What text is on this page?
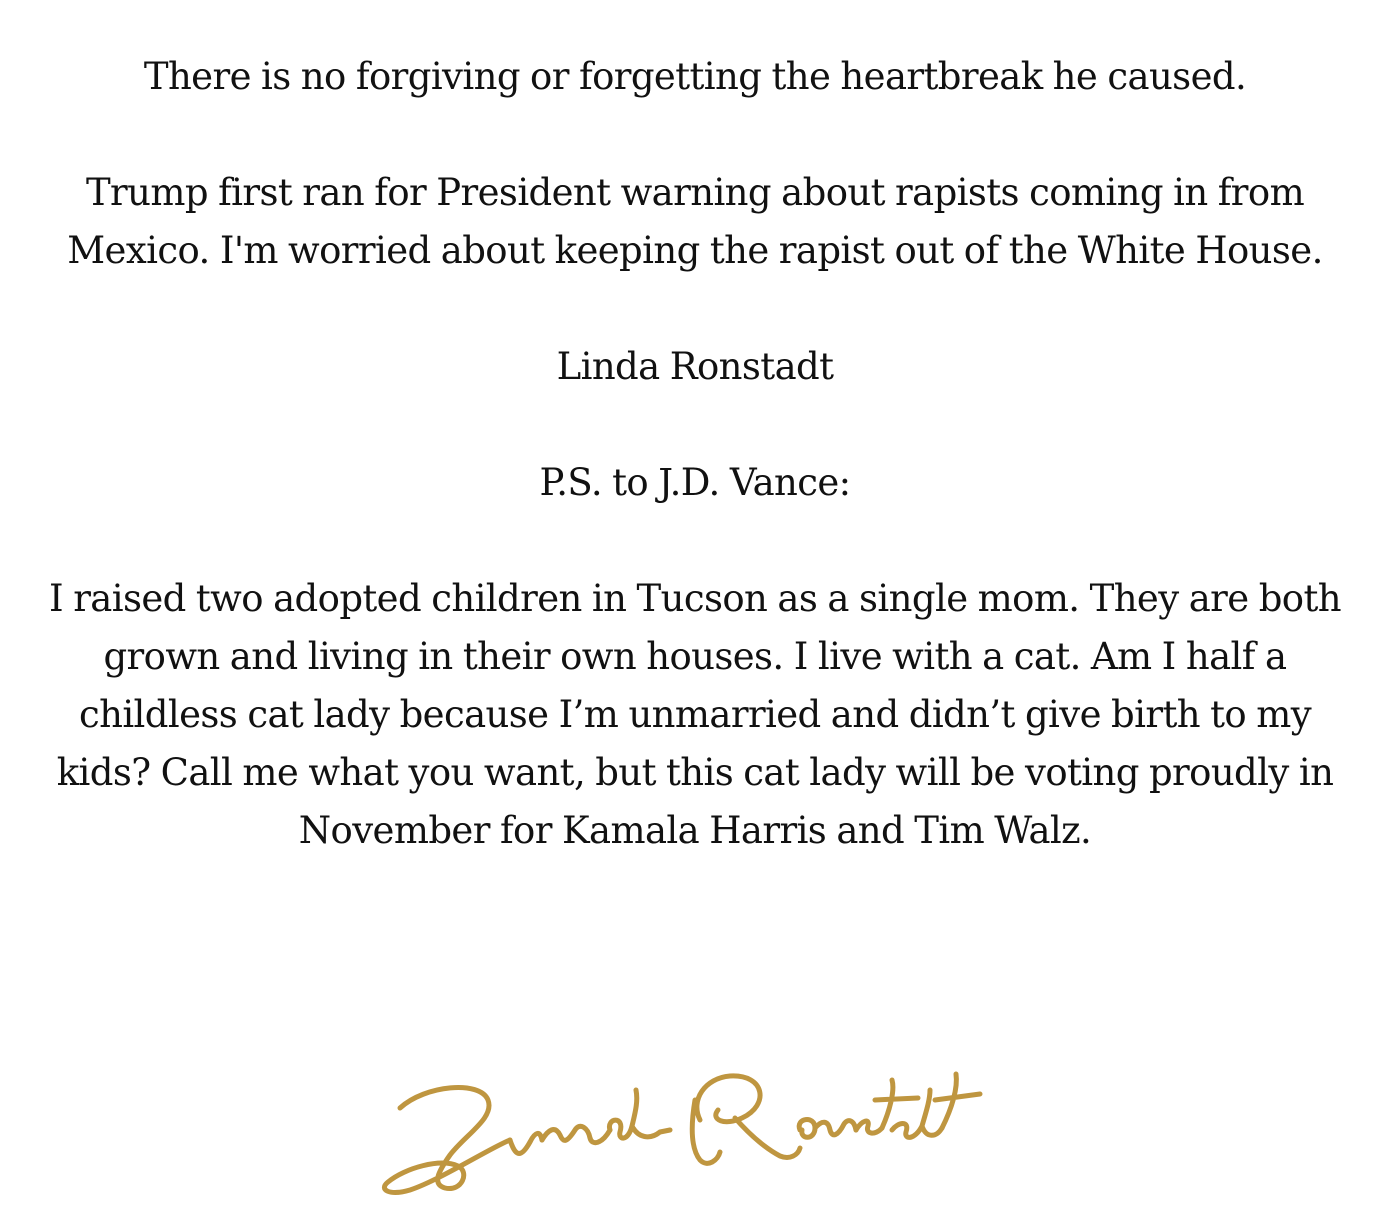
There is no forgiving or forgetting the heartbreak he caused.

Trump first ran for President warning about rapists coming in from Mexico. I'm worried about keeping the rapist out of the White House.

Linda Ronstadt

P.S. to J.D. Vance:

I raised two adopted children in Tucson as a single mom. They are both grown and living in their own houses. I live with a cat. Am I half a childless cat lady because I’m unmarried and didn’t give birth to my kids? Call me what you want, but this cat lady will be voting proudly in November for Kamala Harris and Tim Walz.
